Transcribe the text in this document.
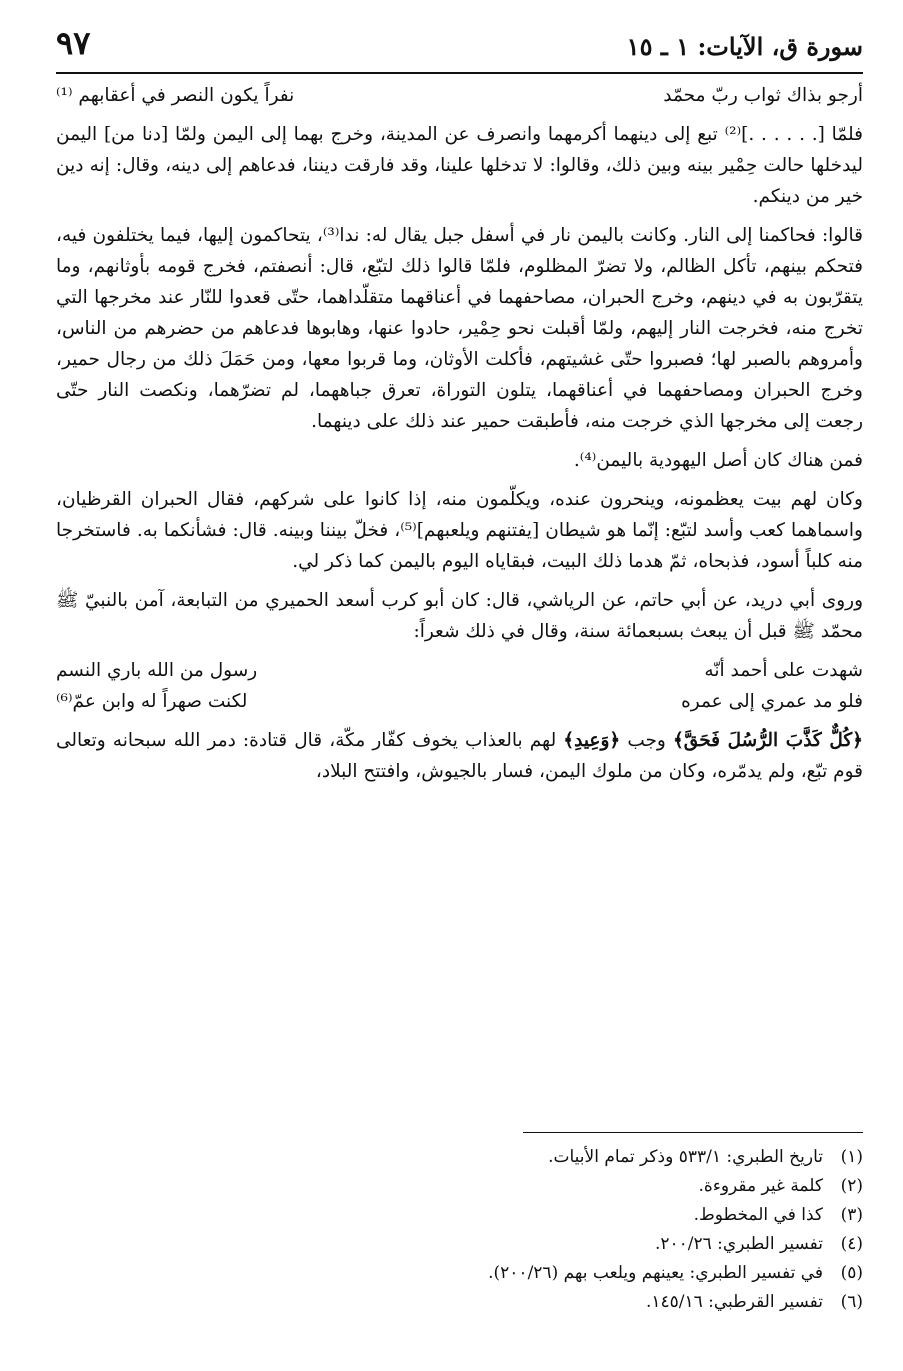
سورة ق، الآيات: ١ ـ ١٥
٩٧
أرجو بذاك ثواب ربّ محمّد
نفراً يكون النصر في أعقابهم ⁽¹⁾

فلمّا [. . . . . .]⁽²⁾ تبع إلى دينهما أكرمهما وانصرف عن المدينة، وخرج بهما إلى اليمن ولمّا [دنا من] اليمن ليدخلها حالت حِمْير بينه وبين ذلك، وقالوا: لا تدخلها علينا، وقد فارقت ديننا، فدعاهم إلى دينه، وقال: إنه دين خير من دينكم.

قالوا: فحاكمنا إلى النار. وكانت باليمن نار في أسفل جبل يقال له: ندا⁽³⁾، يتحاكمون إليها، فيما يختلفون فيه، فتحكم بينهم، تأكل الظالم، ولا تضرّ المظلوم، فلمّا قالوا ذلك لتبّع، قال: أنصفتم، فخرج قومه بأوثانهم، وما يتقرّبون به في دينهم، وخرج الحبران، مصاحفهما في أعناقهما متقلّداهما، حتّى قعدوا للنّار عند مخرجها التي تخرج منه، فخرجت النار إليهم، ولمّا أقبلت نحو حِمْير، حادوا عنها، وهابوها فدعاهم من حضرهم من الناس، وأمروهم بالصبر لها؛ فصبروا حتّى غشيتهم، فأكلت الأوثان، وما قربوا معها، ومن حَمَلَ ذلك من رجال حمير، وخرج الحبران ومصاحفهما في أعناقهما، يتلون التوراة، تعرق جباههما، لم تضرّهما، ونكصت النار حتّى رجعت إلى مخرجها الذي خرجت منه، فأطبقت حمير عند ذلك على دينهما.

فمن هناك كان أصل اليهودية باليمن⁽⁴⁾.

وكان لهم بيت يعظمونه، وينحرون عنده، ويكلّمون منه، إذا كانوا على شركهم، فقال الحبران القرظيان، واسماهما كعب وأسد لتبّع: إنّما هو شيطان [يفتنهم ويلعبهم]⁽⁵⁾، فخلّ بيننا وبينه. قال: فشأنكما به. فاستخرجا منه كلباً أسود، فذبحاه، ثمّ هدما ذلك البيت، فبقاياه اليوم باليمن كما ذكر لي.

وروى أبي دريد، عن أبي حاتم، عن الرياشي، قال: كان أبو كرب أسعد الحميري من التبابعة، آمن بالنبيّ ﷺ محمّد ﷺ قبل أن يبعث بسبعمائة سنة، وقال في ذلك شعراً:

شهدت على أحمد أنّه
رسول من الله باري النسم
فلو مد عمري إلى عمره
لكنت صهراً له وابن عمّ⁽⁶⁾

﴿كُلٌّ كَذَّبَ الرُّسُلَ فَحَقَّ﴾ وجب ﴿وَعِيدِ﴾ لهم بالعذاب يخوف كفّار مكّة، قال قتادة: دمر الله سبحانه وتعالى قوم تبّع، ولم يدمّره، وكان من ملوك اليمن، فسار بالجيوش، وافتتح البلاد،

(١)
تاريخ الطبري: ٥٣٣/١ وذكر تمام الأبيات.
(٢)
كلمة غير مقروءة.
(٣)
كذا في المخطوط.
(٤)
تفسير الطبري: ٢٠٠/٢٦.
(٥)
في تفسير الطبري: يعينهم ويلعب بهم (٢٠٠/٢٦).
(٦)
تفسير القرطبي: ١٤٥/١٦.
